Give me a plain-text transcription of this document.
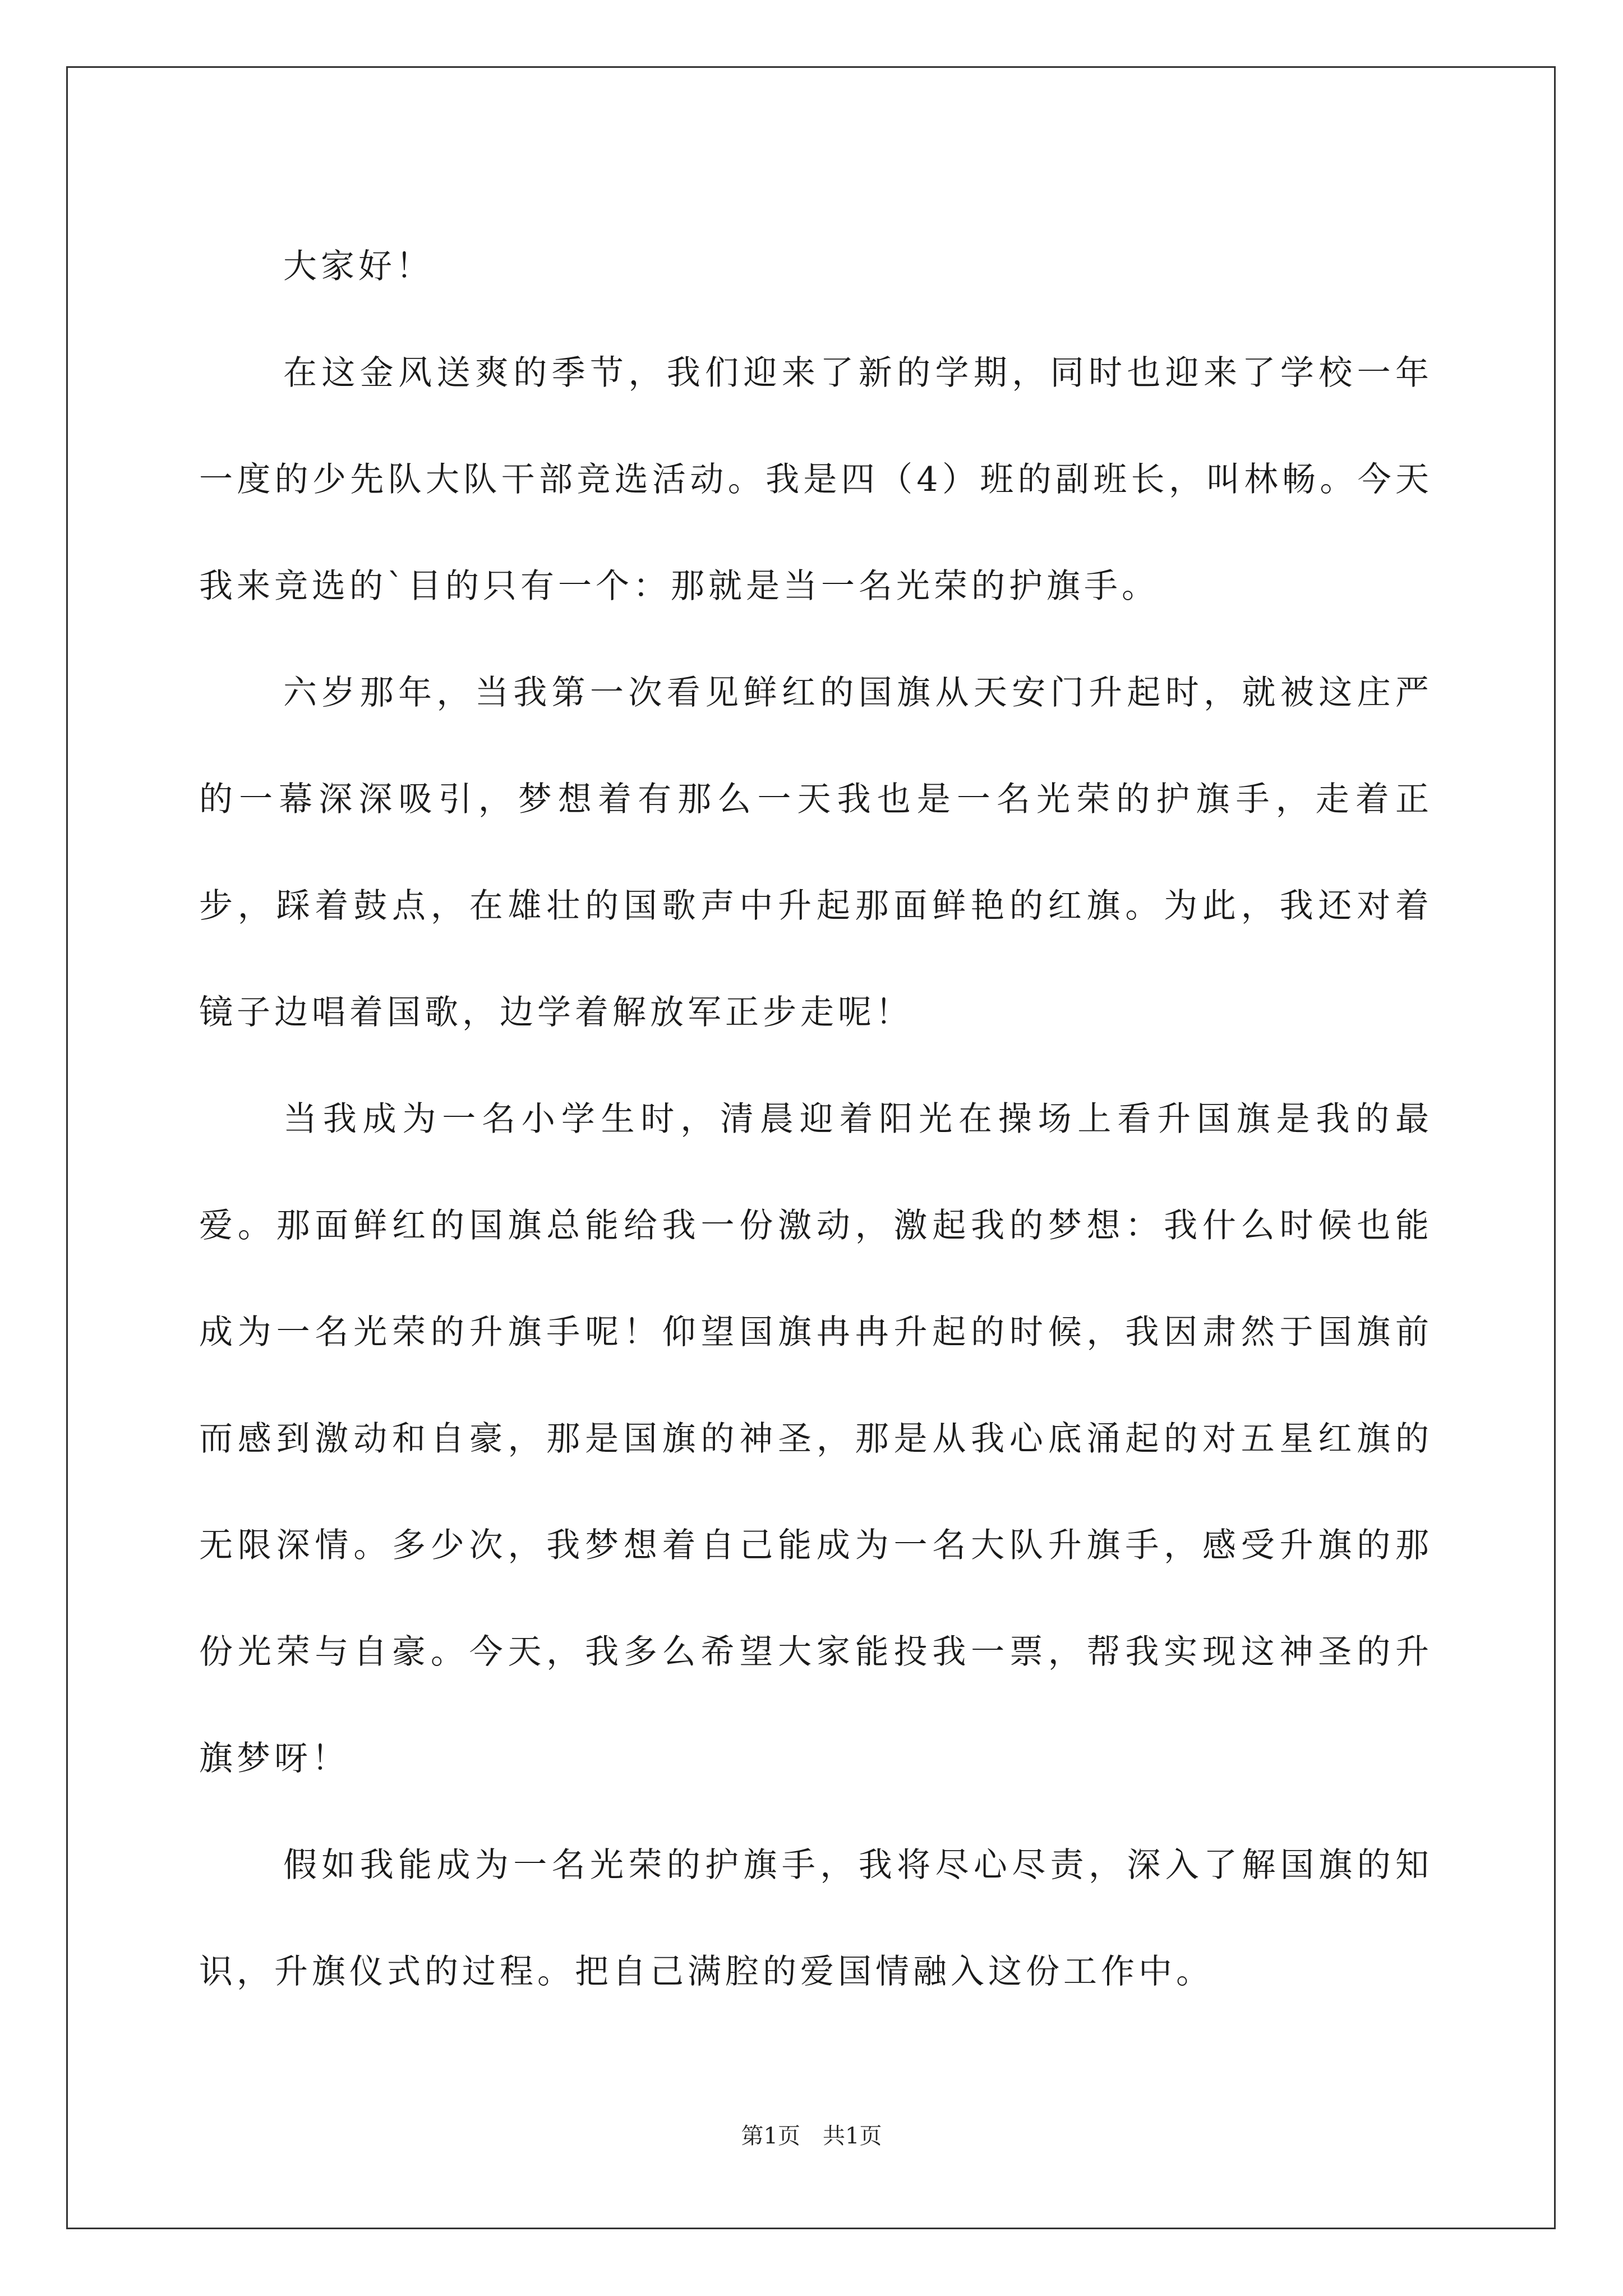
大家好！

在这金风送爽的季节，我们迎来了新的学期，同时也迎来了学校一年一度的少先队大队干部竞选活动。我是四（4）班的副班长，叫林畅。今天我来竞选的`目的只有一个：那就是当一名光荣的护旗手。

六岁那年，当我第一次看见鲜红的国旗从天安门升起时，就被这庄严的一幕深深吸引，梦想着有那么一天我也是一名光荣的护旗手，走着正步，踩着鼓点，在雄壮的国歌声中升起那面鲜艳的红旗。为此，我还对着镜子边唱着国歌，边学着解放军正步走呢！

当我成为一名小学生时，清晨迎着阳光在操场上看升国旗是我的最爱。那面鲜红的国旗总能给我一份激动，激起我的梦想：我什么时候也能成为一名光荣的升旗手呢！仰望国旗冉冉升起的时候，我因肃然于国旗前而感到激动和自豪，那是国旗的神圣，那是从我心底涌起的对五星红旗的无限深情。多少次，我梦想着自己能成为一名大队升旗手，感受升旗的那份光荣与自豪。今天，我多么希望大家能投我一票，帮我实现这神圣的升旗梦呀！

假如我能成为一名光荣的护旗手，我将尽心尽责，深入了解国旗的知识，升旗仪式的过程。把自己满腔的爱国情融入这份工作中。

第1页　共1页
